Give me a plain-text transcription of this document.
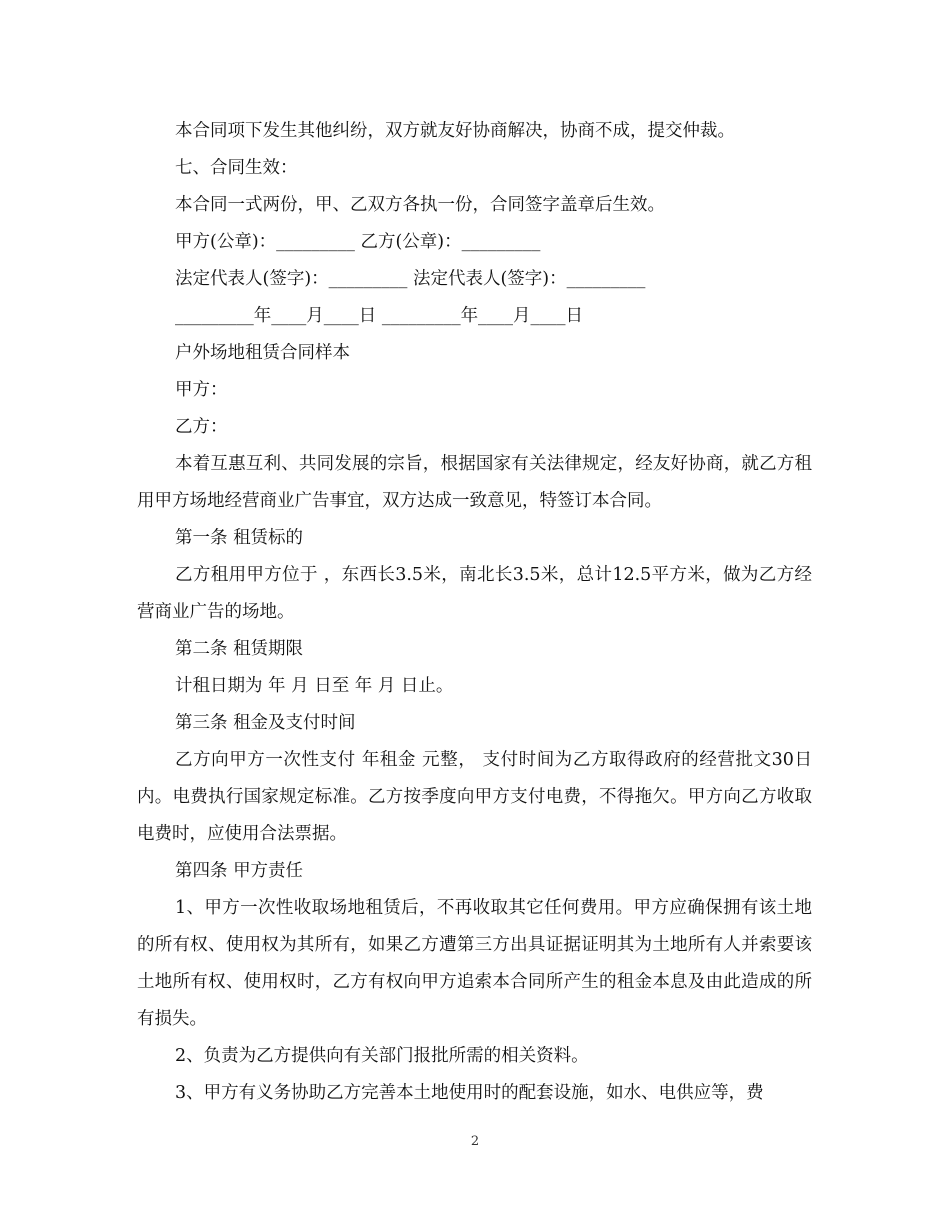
本合同项下发生其他纠纷，双方就友好协商解决，协商不成，提交仲裁。
七、合同生效：
本合同一式两份，甲、乙双方各执一份，合同签字盖章后生效。
甲方(公章)：_________ 乙方(公章)：_________
法定代表人(签字)：_________ 法定代表人(签字)：_________
_________年____月____日 _________年____月____日
户外场地租赁合同样本
甲方：
乙方：
本着互惠互利、共同发展的宗旨，根据国家有关法律规定，经友好协商，就乙方租用甲方场地经营商业广告事宜，双方达成一致意见，特签订本合同。
第一条 租赁标的
乙方租用甲方位于 ，东西长3.5米，南北长3.5米，总计12.5平方米，做为乙方经营商业广告的场地。
第二条 租赁期限
计租日期为 年 月 日至 年 月 日止。
第三条 租金及支付时间
乙方向甲方一次性支付 年租金 元整， 支付时间为乙方取得政府的经营批文30日内。电费执行国家规定标准。乙方按季度向甲方支付电费，不得拖欠。甲方向乙方收取电费时，应使用合法票据。
第四条 甲方责任
1、甲方一次性收取场地租赁后，不再收取其它任何费用。甲方应确保拥有该土地的所有权、使用权为其所有，如果乙方遭第三方出具证据证明其为土地所有人并索要该土地所有权、使用权时，乙方有权向甲方追索本合同所产生的租金本息及由此造成的所有损失。
2、负责为乙方提供向有关部门报批所需的相关资料。
3、甲方有义务协助乙方完善本土地使用时的配套设施，如水、电供应等，费
2
